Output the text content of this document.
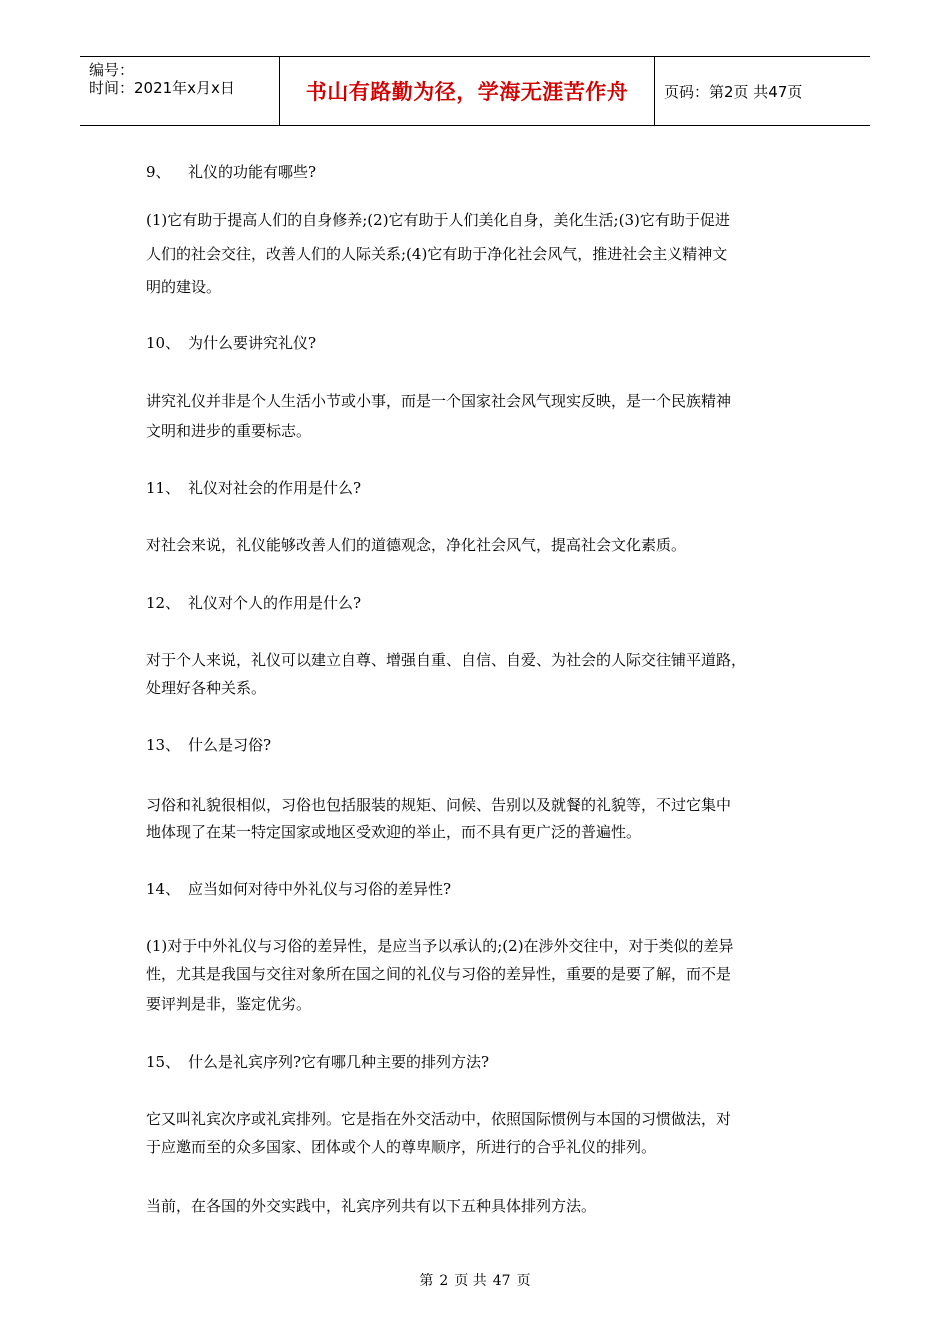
编号：
时间：2021年x月x日	书山有路勤为径，学海无涯苦作舟	页码：第2页 共47页
9、 礼仪的功能有哪些?
(1)它有助于提高人们的自身修养;(2)它有助于人们美化自身，美化生活;(3)它有助于促进
人们的社会交往，改善人们的人际关系;(4)它有助于净化社会风气，推进社会主义精神文
明的建设。
10、 为什么要讲究礼仪?
讲究礼仪并非是个人生活小节或小事，而是一个国家社会风气现实反映，是一个民族精神
文明和进步的重要标志。
11、 礼仪对社会的作用是什么?
对社会来说，礼仪能够改善人们的道德观念，净化社会风气，提高社会文化素质。
12、 礼仪对个人的作用是什么?
对于个人来说，礼仪可以建立自尊、增强自重、自信、自爱、为社会的人际交往铺平道路，
处理好各种关系。
13、 什么是习俗?
习俗和礼貌很相似，习俗也包括服装的规矩、问候、告别以及就餐的礼貌等，不过它集中
地体现了在某一特定国家或地区受欢迎的举止，而不具有更广泛的普遍性。
14、 应当如何对待中外礼仪与习俗的差异性?
(1)对于中外礼仪与习俗的差异性，是应当予以承认的;(2)在涉外交往中，对于类似的差异
性，尤其是我国与交往对象所在国之间的礼仪与习俗的差异性，重要的是要了解，而不是
要评判是非，鉴定优劣。
15、 什么是礼宾序列?它有哪几种主要的排列方法?
它又叫礼宾次序或礼宾排列。它是指在外交活动中，依照国际惯例与本国的习惯做法，对
于应邀而至的众多国家、团体或个人的尊卑顺序，所进行的合乎礼仪的排列。
当前，在各国的外交实践中，礼宾序列共有以下五种具体排列方法。
第 2 页 共 47 页
